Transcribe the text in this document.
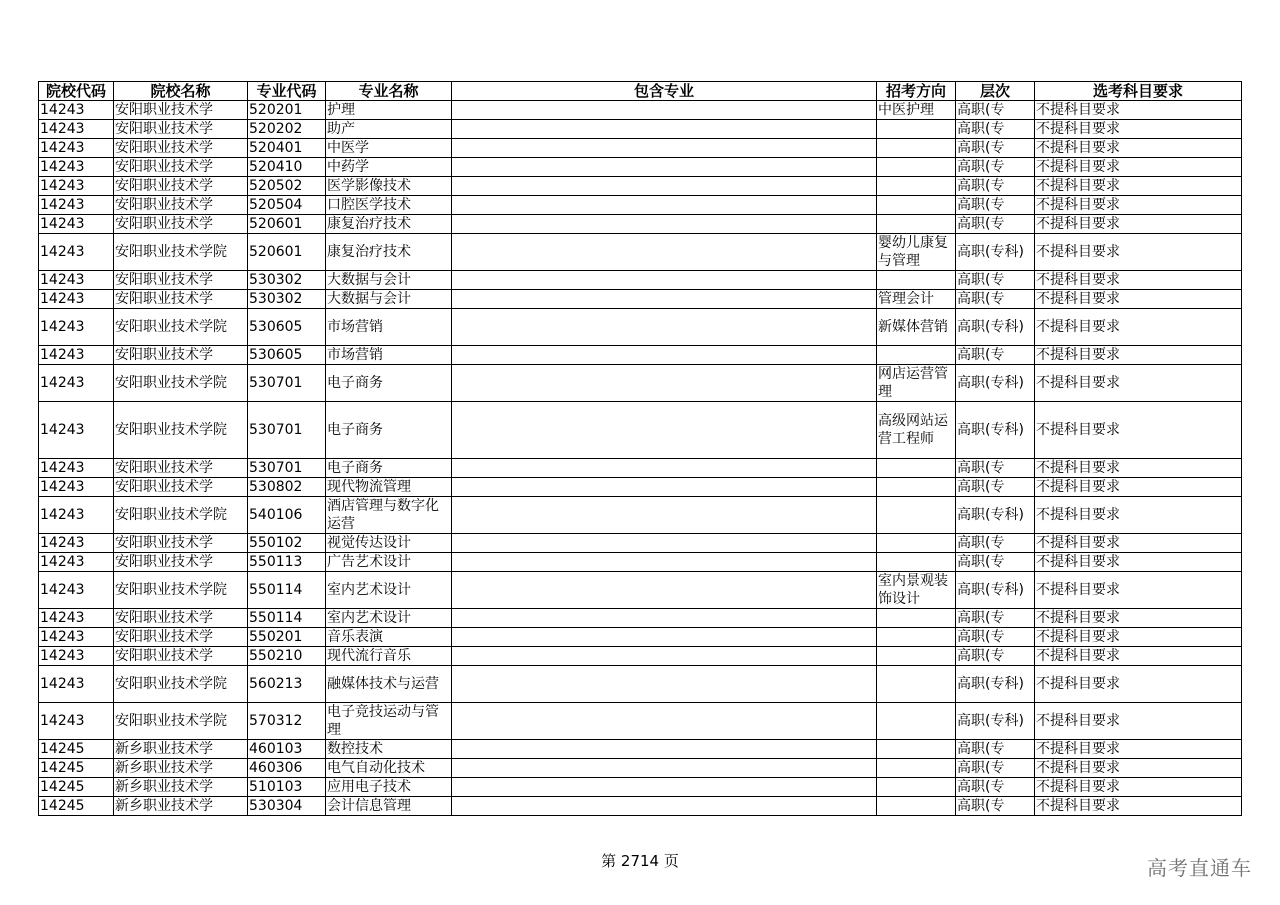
院校代码	院校名称	专业代码	专业名称	包含专业	招考方向	层次	选考科目要求
14243	安阳职业技术学	520201	护理		中医护理	高职(专	不提科目要求
14243	安阳职业技术学	520202	助产			高职(专	不提科目要求
14243	安阳职业技术学	520401	中医学			高职(专	不提科目要求
14243	安阳职业技术学	520410	中药学			高职(专	不提科目要求
14243	安阳职业技术学	520502	医学影像技术			高职(专	不提科目要求
14243	安阳职业技术学	520504	口腔医学技术			高职(专	不提科目要求
14243	安阳职业技术学	520601	康复治疗技术			高职(专	不提科目要求
14243	安阳职业技术学院	520601	康复治疗技术		婴幼儿康复与管理	高职(专科)	不提科目要求
14243	安阳职业技术学	530302	大数据与会计			高职(专	不提科目要求
14243	安阳职业技术学	530302	大数据与会计		管理会计	高职(专	不提科目要求
14243	安阳职业技术学院	530605	市场营销		新媒体营销	高职(专科)	不提科目要求
14243	安阳职业技术学	530605	市场营销			高职(专	不提科目要求
14243	安阳职业技术学院	530701	电子商务		网店运营管理	高职(专科)	不提科目要求
14243	安阳职业技术学院	530701	电子商务		高级网站运营工程师	高职(专科)	不提科目要求
14243	安阳职业技术学	530701	电子商务			高职(专	不提科目要求
14243	安阳职业技术学	530802	现代物流管理			高职(专	不提科目要求
14243	安阳职业技术学院	540106	酒店管理与数字化运营			高职(专科)	不提科目要求
14243	安阳职业技术学	550102	视觉传达设计			高职(专	不提科目要求
14243	安阳职业技术学	550113	广告艺术设计			高职(专	不提科目要求
14243	安阳职业技术学院	550114	室内艺术设计		室内景观装饰设计	高职(专科)	不提科目要求
14243	安阳职业技术学	550114	室内艺术设计			高职(专	不提科目要求
14243	安阳职业技术学	550201	音乐表演			高职(专	不提科目要求
14243	安阳职业技术学	550210	现代流行音乐			高职(专	不提科目要求
14243	安阳职业技术学院	560213	融媒体技术与运营			高职(专科)	不提科目要求
14243	安阳职业技术学院	570312	电子竞技运动与管理			高职(专科)	不提科目要求
14245	新乡职业技术学	460103	数控技术			高职(专	不提科目要求
14245	新乡职业技术学	460306	电气自动化技术			高职(专	不提科目要求
14245	新乡职业技术学	510103	应用电子技术			高职(专	不提科目要求
14245	新乡职业技术学	530304	会计信息管理			高职(专	不提科目要求
第 2714 页	高考直通车
